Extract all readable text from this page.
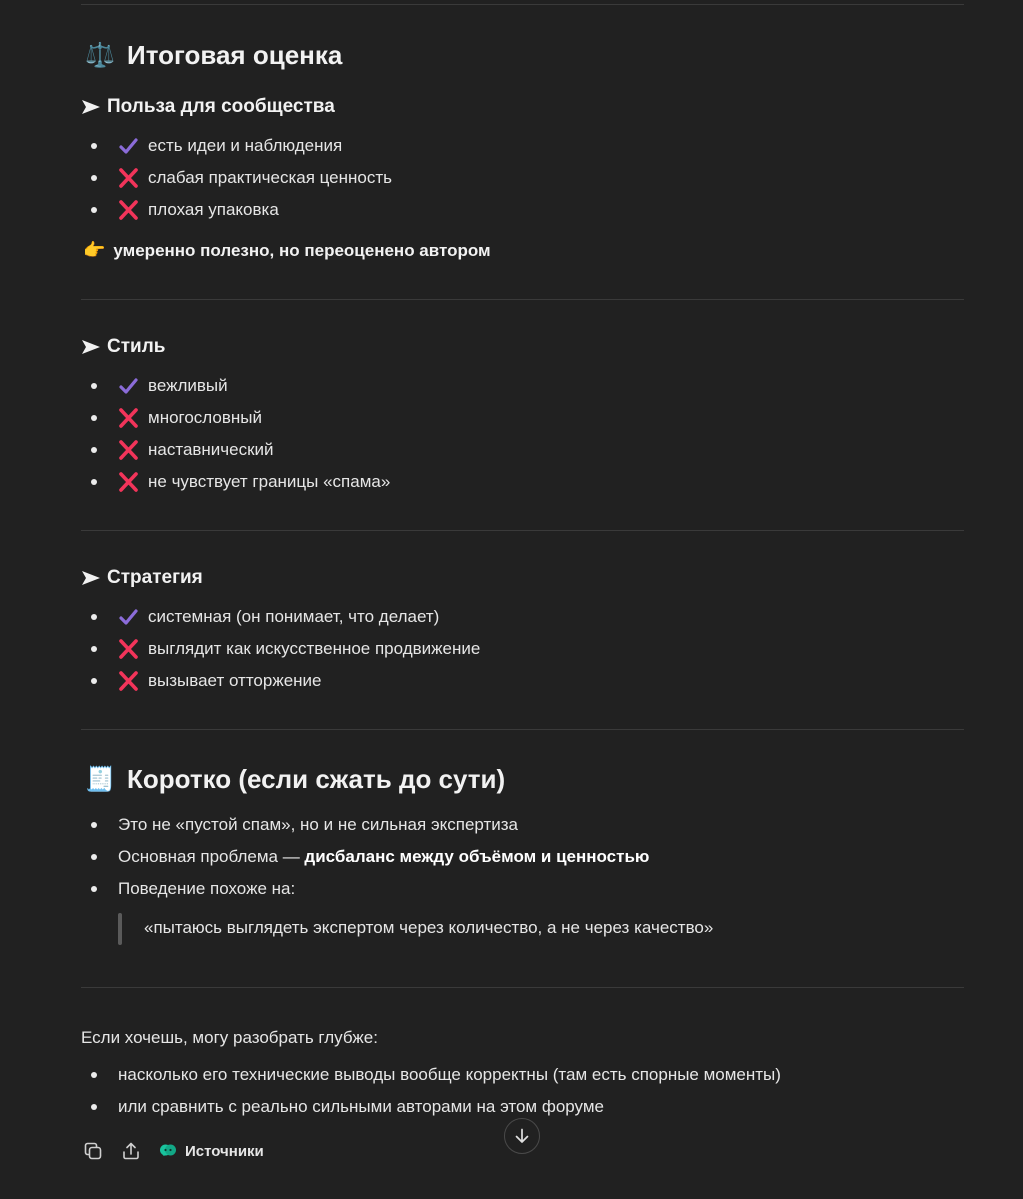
⚖️ Итоговая оценка
Польза для сообщества
есть идеи и наблюдения
слабая практическая ценность
плохая упаковка
👉 умеренно полезно, но переоценено автором
Стиль
вежливый
многословный
наставнический
не чувствует границы «спама»
Стратегия
системная (он понимает, что делает)
выглядит как искусственное продвижение
вызывает отторжение
🧾 Коротко (если сжать до сути)
Это не «пустой спам», но и не сильная экспертиза
Основная проблема — дисбаланс между объёмом и ценностью
Поведение похоже на:
«пытаюсь выглядеть экспертом через количество, а не через качество»
Если хочешь, могу разобрать глубже:
насколько его технические выводы вообще корректны (там есть спорные моменты)
или сравнить с реально сильными авторами на этом форуме
Источники
